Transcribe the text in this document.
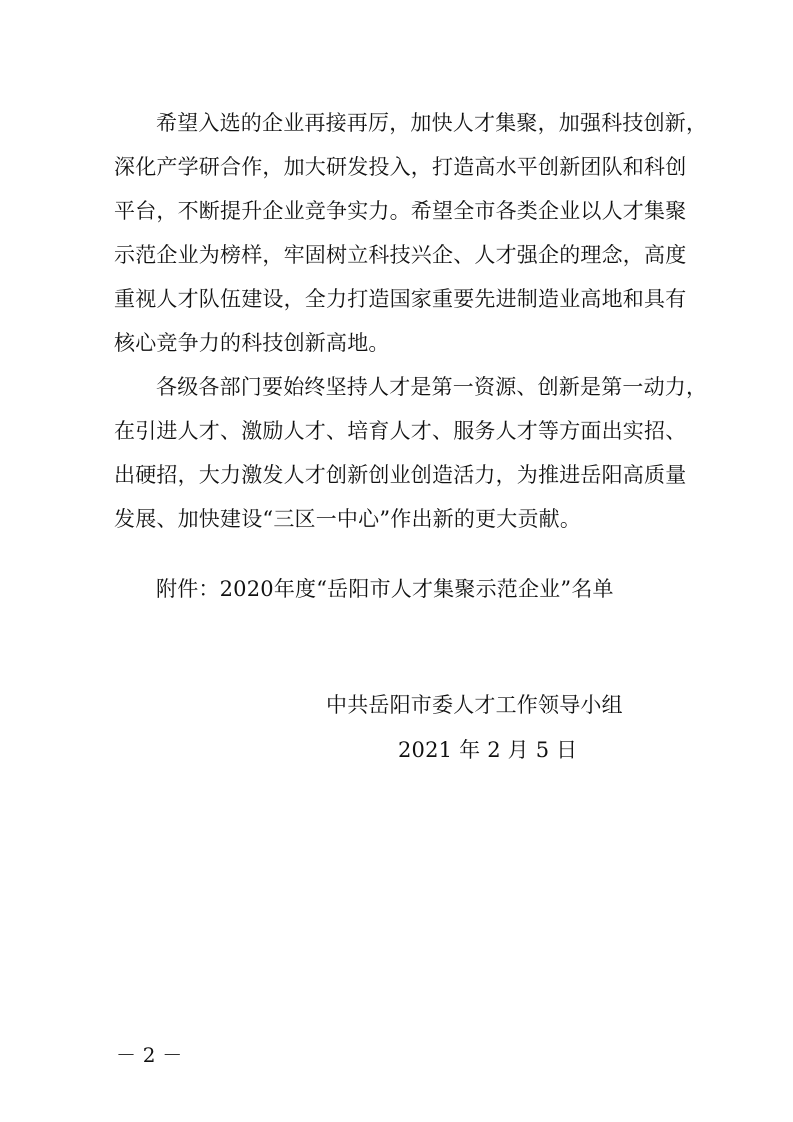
希望入选的企业再接再厉，加快人才集聚，加强科技创新，
深化产学研合作，加大研发投入，打造高水平创新团队和科创
平台，不断提升企业竞争实力。希望全市各类企业以人才集聚
示范企业为榜样，牢固树立科技兴企、人才强企的理念，高度
重视人才队伍建设，全力打造国家重要先进制造业高地和具有
核心竞争力的科技创新高地。
各级各部门要始终坚持人才是第一资源、创新是第一动力，
在引进人才、激励人才、培育人才、服务人才等方面出实招、
出硬招，大力激发人才创新创业创造活力，为推进岳阳高质量
发展、加快建设“三区一中心”作出新的更大贡献。
附件：2020年度“岳阳市人才集聚示范企业”名单
中共岳阳市委人才工作领导小组
2021 年 2 月 5 日
－ 2 －
